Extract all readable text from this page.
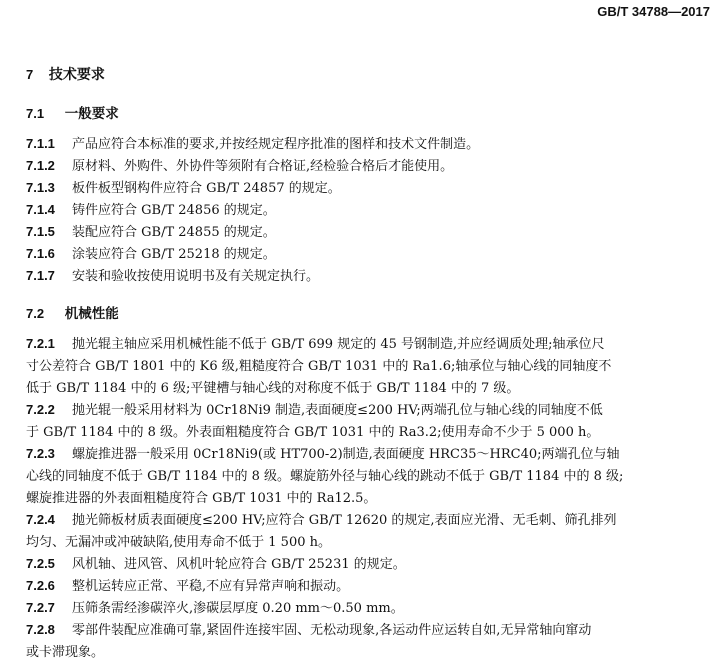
GB/T 34788—2017
7 技术要求
7.1 一般要求
7.1.1 产品应符合本标准的要求,并按经规定程序批准的图样和技术文件制造。
7.1.2 原材料、外购件、外协件等须附有合格证,经检验合格后才能使用。
7.1.3 板件板型钢构件应符合 GB/T 24857 的规定。
7.1.4 铸件应符合 GB/T 24856 的规定。
7.1.5 装配应符合 GB/T 24855 的规定。
7.1.6 涂装应符合 GB/T 25218 的规定。
7.1.7 安装和验收按使用说明书及有关规定执行。
7.2 机械性能
7.2.1 抛光辊主轴应采用机械性能不低于 GB/T 699 规定的 45 号钢制造,并应经调质处理;轴承位尺
寸公差符合 GB/T 1801 中的 K6 级,粗糙度符合 GB/T 1031 中的 Ra1.6;轴承位与轴心线的同轴度不
低于 GB/T 1184 中的 6 级;平键槽与轴心线的对称度不低于 GB/T 1184 中的 7 级。
7.2.2 抛光辊一般采用材料为 0Cr18Ni9 制造,表面硬度≤200 HV;两端孔位与轴心线的同轴度不低
于 GB/T 1184 中的 8 级。外表面粗糙度符合 GB/T 1031 中的 Ra3.2;使用寿命不少于 5 000 h。
7.2.3 螺旋推进器一般采用 0Cr18Ni9(或 HT700-2)制造,表面硬度 HRC35～HRC40;两端孔位与轴
心线的同轴度不低于 GB/T 1184 中的 8 级。螺旋筋外径与轴心线的跳动不低于 GB/T 1184 中的 8 级;
螺旋推进器的外表面粗糙度符合 GB/T 1031 中的 Ra12.5。
7.2.4 抛光筛板材质表面硬度≤200 HV;应符合 GB/T 12620 的规定,表面应光滑、无毛刺、筛孔排列
均匀、无漏冲或冲破缺陷,使用寿命不低于 1 500 h。
7.2.5 风机轴、进风管、风机叶轮应符合 GB/T 25231 的规定。
7.2.6 整机运转应正常、平稳,不应有异常声响和振动。
7.2.7 压筛条需经渗碳淬火,渗碳层厚度 0.20 mm～0.50 mm。
7.2.8 零部件装配应准确可靠,紧固件连接牢固、无松动现象,各运动件应运转自如,无异常轴向窜动
或卡滞现象。
